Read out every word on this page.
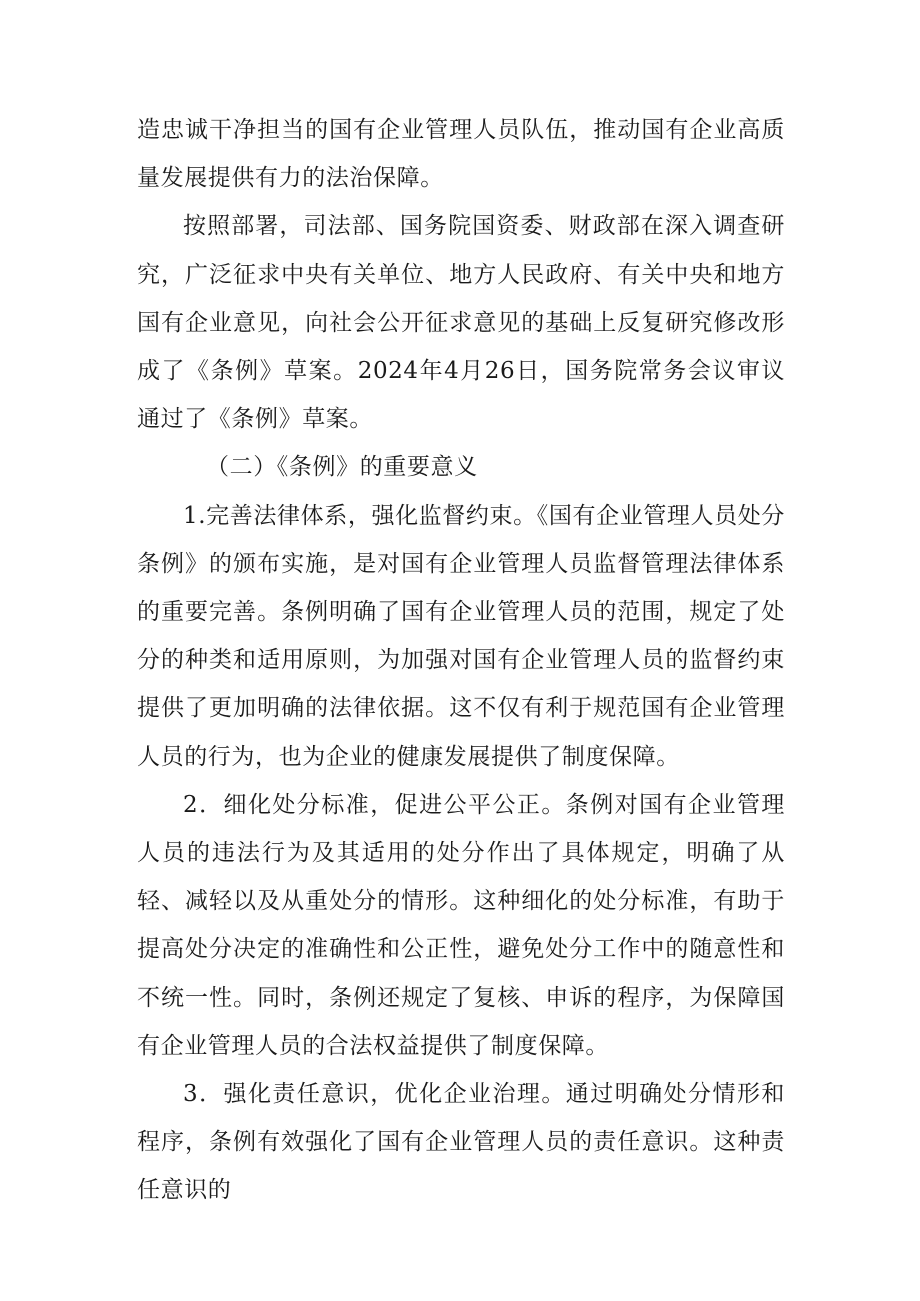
造忠诚干净担当的国有企业管理人员队伍，推动国有企业高质量发展提供有力的法治保障。

按照部署，司法部、国务院国资委、财政部在深入调查研究，广泛征求中央有关单位、地方人民政府、有关中央和地方国有企业意见，向社会公开征求意见的基础上反复研究修改形成了《条例》草案。2024年4月26日，国务院常务会议审议通过了《条例》草案。

（二）《条例》的重要意义

1.完善法律体系，强化监督约束。《国有企业管理人员处分条例》的颁布实施，是对国有企业管理人员监督管理法律体系的重要完善。条例明确了国有企业管理人员的范围，规定了处分的种类和适用原则，为加强对国有企业管理人员的监督约束提供了更加明确的法律依据。这不仅有利于规范国有企业管理人员的行为，也为企业的健康发展提供了制度保障。

2．细化处分标准，促进公平公正。条例对国有企业管理人员的违法行为及其适用的处分作出了具体规定，明确了从轻、减轻以及从重处分的情形。这种细化的处分标准，有助于提高处分决定的准确性和公正性，避免处分工作中的随意性和不统一性。同时，条例还规定了复核、申诉的程序，为保障国有企业管理人员的合法权益提供了制度保障。

3．强化责任意识，优化企业治理。通过明确处分情形和程序，条例有效强化了国有企业管理人员的责任意识。这种责任意识的
